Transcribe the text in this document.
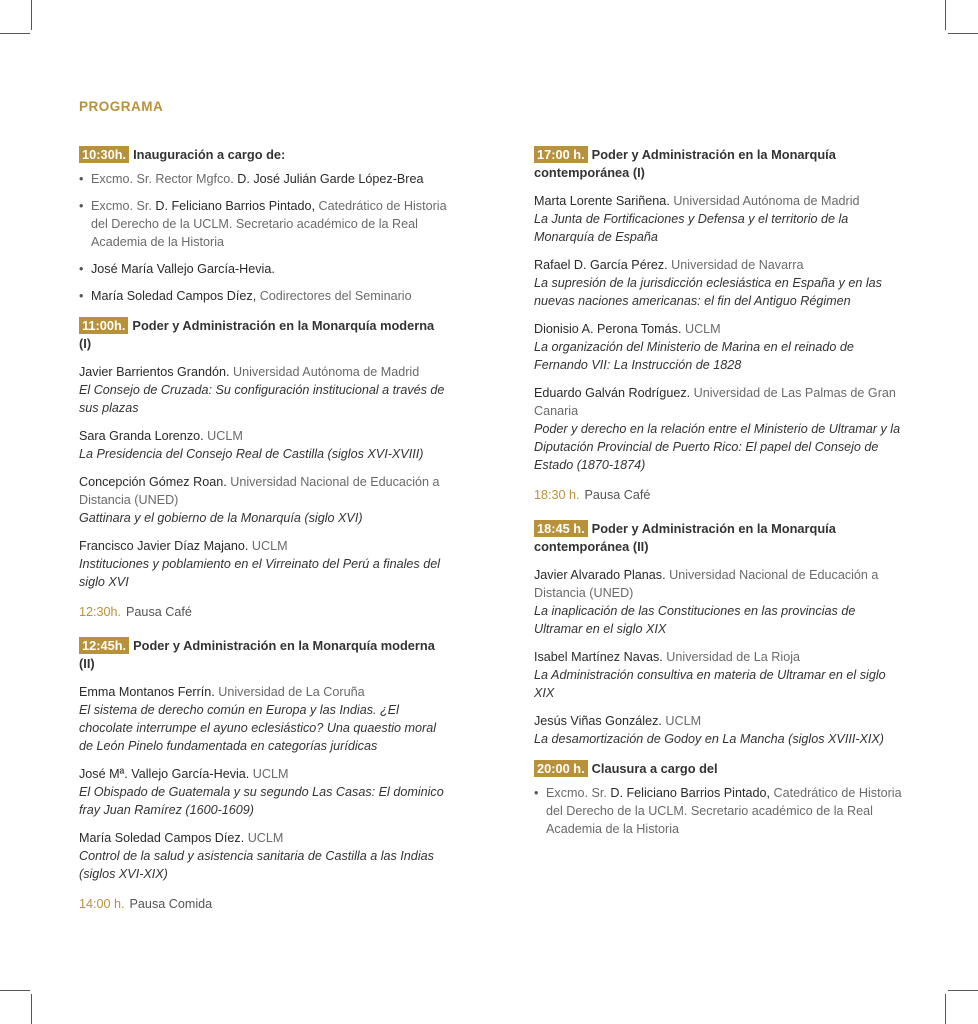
PROGRAMA
10:30h. Inauguración a cargo de:
• Excmo. Sr. Rector Mgfco. D. José Julián Garde López-Brea
• Excmo. Sr. D. Feliciano Barrios Pintado, Catedrático de Historia del Derecho de la UCLM. Secretario académico de la Real Academia de la Historia
• José María Vallejo García-Hevia.
• María Soledad Campos Díez, Codirectores del Seminario
11:00h. Poder y Administración en la Monarquía moderna (I)
Javier Barrientos Grandón. Universidad Autónoma de Madrid
El Consejo de Cruzada: Su configuración institucional a través de sus plazas
Sara Granda Lorenzo. UCLM
La Presidencia del Consejo Real de Castilla (siglos XVI-XVIII)
Concepción Gómez Roan. Universidad Nacional de Educación a Distancia (UNED)
Gattinara y el gobierno de la Monarquía (siglo XVI)
Francisco Javier Díaz Majano. UCLM
Instituciones y poblamiento en el Virreinato del Perú a finales del siglo XVI
12:30h. Pausa Café
12:45h. Poder y Administración en la Monarquía moderna (II)
Emma Montanos Ferrín. Universidad de La Coruña
El sistema de derecho común en Europa y las Indias. ¿El chocolate interrumpe el ayuno eclesiástico? Una quaestio moral de León Pinelo fundamentada en categorías jurídicas
José Mª. Vallejo García-Hevia. UCLM
El Obispado de Guatemala y su segundo Las Casas: El dominico fray Juan Ramírez (1600-1609)
María Soledad Campos Díez. UCLM
Control de la salud y asistencia sanitaria de Castilla a las Indias (siglos XVI-XIX)
14:00 h. Pausa Comida
17:00 h. Poder y Administración en la Monarquía contemporánea (I)
Marta Lorente Sariñena. Universidad Autónoma de Madrid
La Junta de Fortificaciones y Defensa y el territorio de la Monarquía de España
Rafael D. García Pérez. Universidad de Navarra
La supresión de la jurisdicción eclesiástica en España y en las nuevas naciones americanas: el fin del Antiguo Régimen
Dionisio A. Perona Tomás. UCLM
La organización del Ministerio de Marina en el reinado de Fernando VII: La Instrucción de 1828
Eduardo Galván Rodríguez. Universidad de Las Palmas de Gran Canaria
Poder y derecho en la relación entre el Ministerio de Ultramar y la Diputación Provincial de Puerto Rico: El papel del Consejo de Estado (1870-1874)
18:30 h. Pausa Café
18:45 h. Poder y Administración en la Monarquía contemporánea (II)
Javier Alvarado Planas. Universidad Nacional de Educación a Distancia (UNED)
La inaplicación de las Constituciones en las provincias de Ultramar en el siglo XIX
Isabel Martínez Navas. Universidad de La Rioja
La Administración consultiva en materia de Ultramar en el siglo XIX
Jesús Viñas González. UCLM
La desamortización de Godoy en La Mancha (siglos XVIII-XIX)
20:00 h. Clausura a cargo del
• Excmo. Sr. D. Feliciano Barrios Pintado, Catedrático de Historia del Derecho de la UCLM. Secretario académico de la Real Academia de la Historia
